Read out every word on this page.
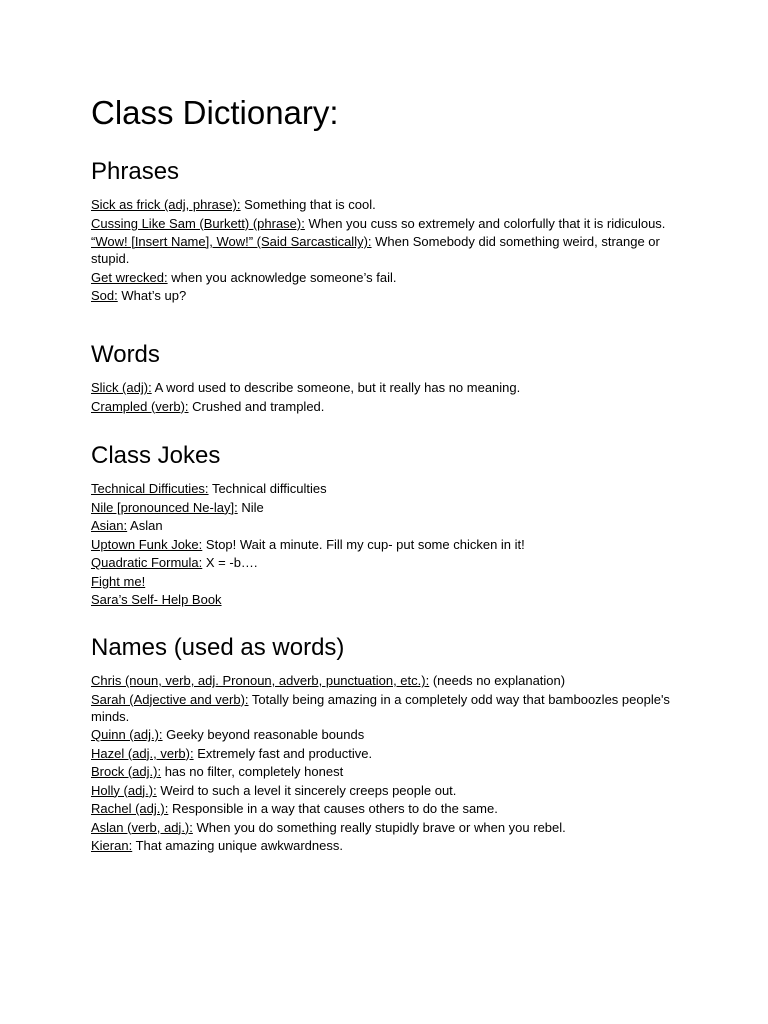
Class Dictionary:
Phrases

Sick as frick (adj, phrase): Something that is cool.

Cussing Like Sam (Burkett) (phrase): When you cuss so extremely and colorfully that it is ridiculous.

“Wow! [Insert Name], Wow!” (Said Sarcastically): When Somebody did something weird, strange or stupid.

Get wrecked: when you acknowledge someone’s fail.

Sod: What’s up?

Words

Slick (adj): A word used to describe someone, but it really has no meaning.

Crampled (verb): Crushed and trampled.

Class Jokes

Technical Difficuties: Technical difficulties

Nile [pronounced Ne-lay]: Nile

Asian: Aslan

Uptown Funk Joke: Stop! Wait a minute. Fill my cup- put some chicken in it!

Quadratic Formula: X = -b….

Fight me!

Sara’s Self- Help Book

Names (used as words)

Chris (noun, verb, adj. Pronoun, adverb, punctuation, etc.): (needs no explanation)

Sarah (Adjective and verb): Totally being amazing in a completely odd way that bamboozles people's minds.

Quinn (adj.): Geeky beyond reasonable bounds

Hazel (adj., verb): Extremely fast and productive.

Brock (adj.): has no filter, completely honest

Holly (adj.): Weird to such a level it sincerely creeps people out.

Rachel (adj.): Responsible in a way that causes others to do the same.

Aslan (verb, adj.): When you do something really stupidly brave or when you rebel.

Kieran: That amazing unique awkwardness.
